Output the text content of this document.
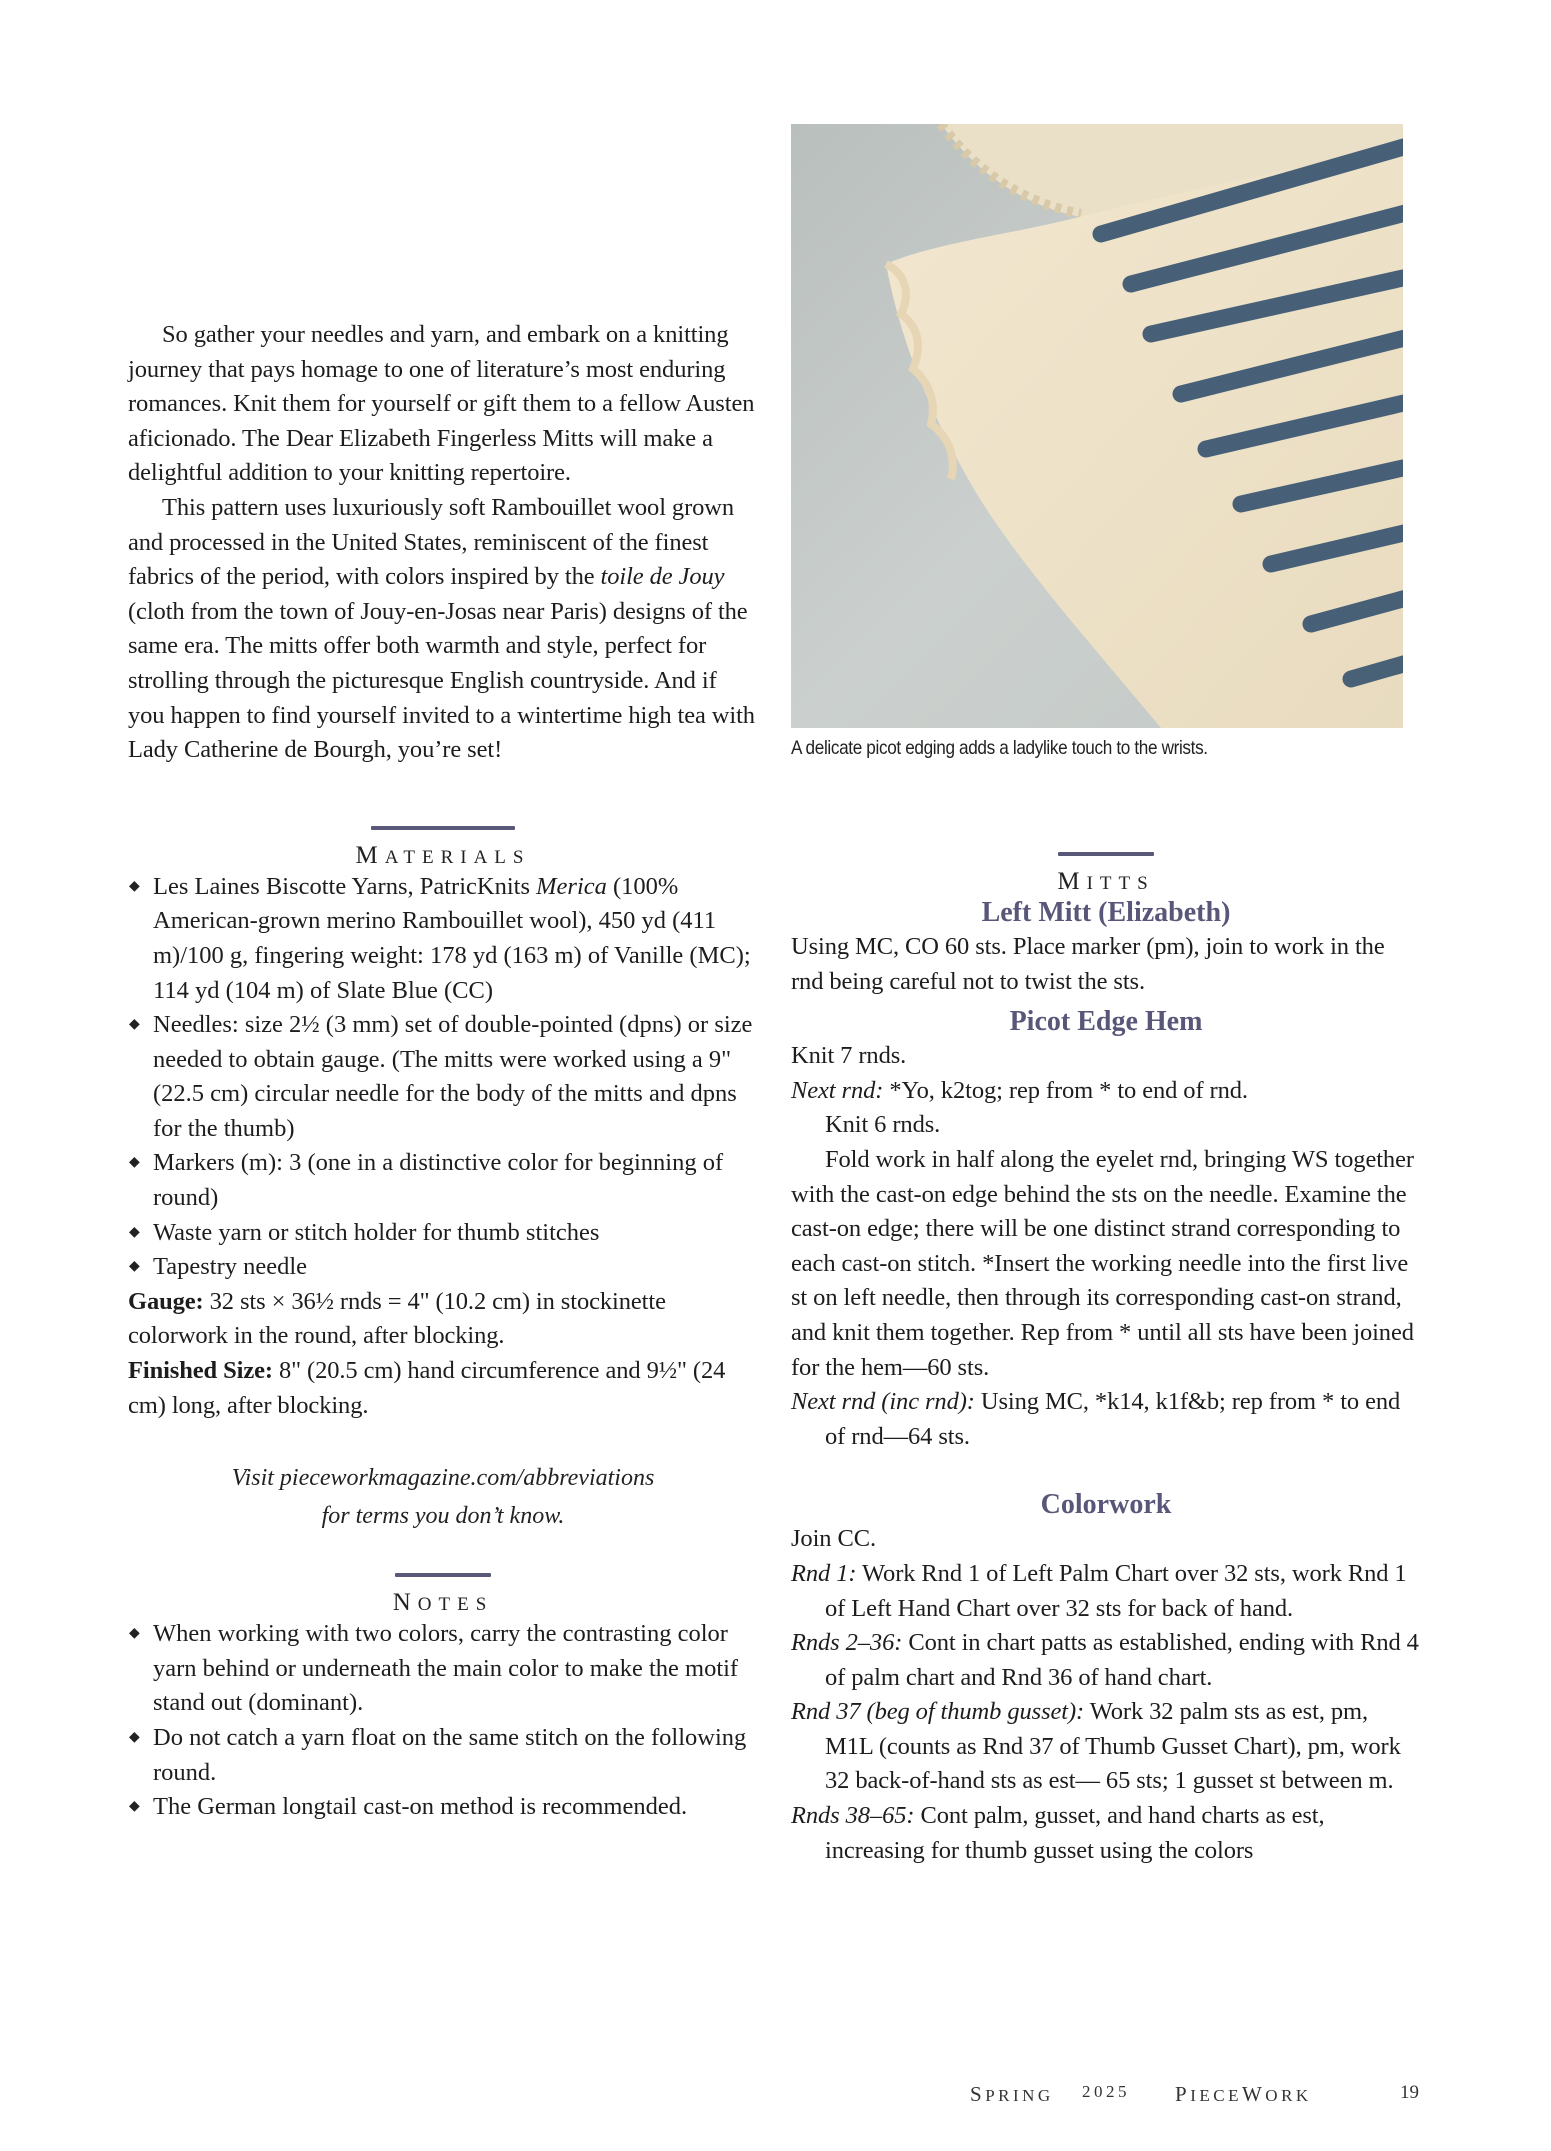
So gather your needles and yarn, and embark on a knitting journey that pays homage to one of literature’s most enduring romances. Knit them for yourself or gift them to a fellow Austen aficionado. The Dear Elizabeth Fingerless Mitts will make a delightful addition to your knitting repertoire.

This pattern uses luxuriously soft Rambouillet wool grown and processed in the United States, reminiscent of the finest fabrics of the period, with colors inspired by the toile de Jouy (cloth from the town of Jouy-en-Josas near Paris) designs of the same era. The mitts offer both warmth and style, perfect for strolling through the picturesque English countryside. And if you happen to find yourself invited to a wintertime high tea with Lady Catherine de Bourgh, you’re set!

MATERIALS
◆ Les Laines Biscotte Yarns, PatricKnits Merica (100% American-grown merino Rambouillet wool), 450 yd (411 m)/100 g, fingering weight: 178 yd (163 m) of Vanille (MC); 114 yd (104 m) of Slate Blue (CC)
◆ Needles: size 2½ (3 mm) set of double-pointed (dpns) or size needed to obtain gauge. (The mitts were worked using a 9" (22.5 cm) circular needle for the body of the mitts and dpns for the thumb)
◆ Markers (m): 3 (one in a distinctive color for beginning of round)
◆ Waste yarn or stitch holder for thumb stitches
◆ Tapestry needle

Gauge: 32 sts × 36½ rnds = 4" (10.2 cm) in stockinette colorwork in the round, after blocking.

Finished Size: 8" (20.5 cm) hand circumference and 9½" (24 cm) long, after blocking.

Visit pieceworkmagazine.com/abbreviations
for terms you don’t know.

NOTES
◆ When working with two colors, carry the contrasting color yarn behind or underneath the main color to make the motif stand out (dominant).
◆ Do not catch a yarn float on the same stitch on the following round.
◆ The German longtail cast-on method is recommended.
A delicate picot edging adds a ladylike touch to the wrists.
MITTS
Left Mitt (Elizabeth)

Using MC, CO 60 sts. Place marker (pm), join to work in the rnd being careful not to twist the sts.

Picot Edge Hem

Knit 7 rnds.

Next rnd: *Yo, k2tog; rep from * to end of rnd.

Knit 6 rnds.

Fold work in half along the eyelet rnd, bringing WS together with the cast-on edge behind the sts on the needle. Examine the cast-on edge; there will be one distinct strand corresponding to each cast-on stitch. *Insert the working needle into the first live st on left needle, then through its corresponding cast-on strand, and knit them together. Rep from * until all sts have been joined for the hem—60 sts.

Next rnd (inc rnd): Using MC, *k14, k1f&b; rep from * to end of rnd—64 sts.

Colorwork

Join CC.

Rnd 1: Work Rnd 1 of Left Palm Chart over 32 sts, work Rnd 1 of Left Hand Chart over 32 sts for back of hand.

Rnds 2–36: Cont in chart patts as established, ending with Rnd 4 of palm chart and Rnd 36 of hand chart.

Rnd 37 (beg of thumb gusset): Work 32 palm sts as est, pm, M1L (counts as Rnd 37 of Thumb Gusset Chart), pm, work 32 back-of-hand sts as est— 65 sts; 1 gusset st between m.

Rnds 38–65: Cont palm, gusset, and hand charts as est, increasing for thumb gusset using the colors

SPRING 2025 PIECEWORK	19
